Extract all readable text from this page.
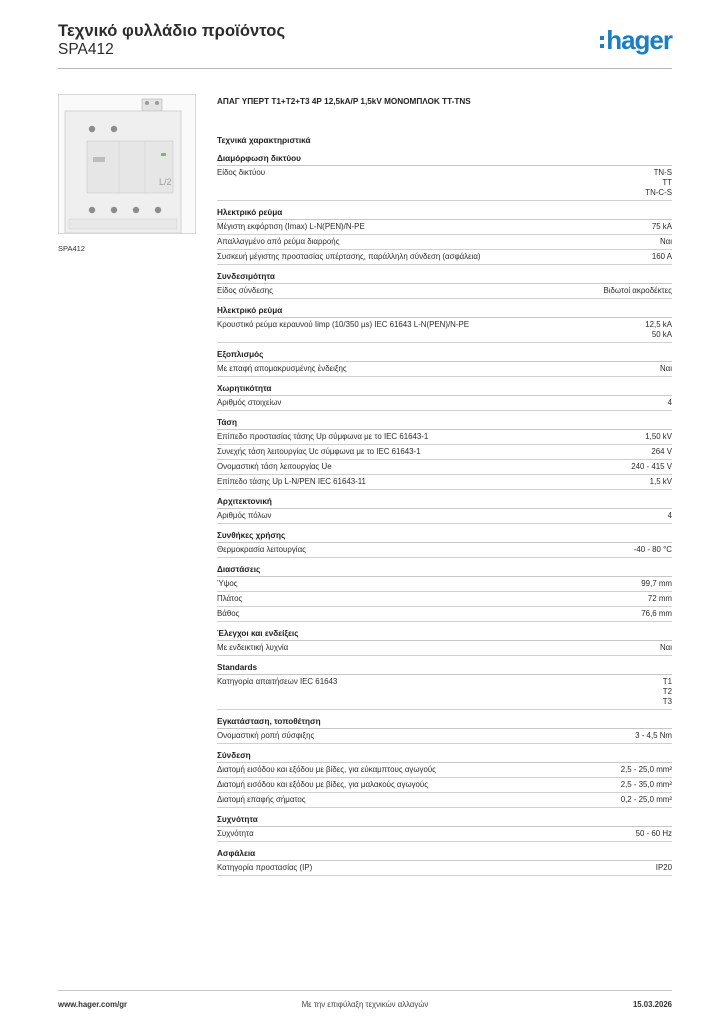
Τεχνικό φυλλάδιο προϊόντος
SPA412	hager
L/2
SPA412
ΑΠΑΓ ΥΠΕΡΤ Τ1+Τ2+Τ3 4Ρ 12,5kA/P 1,5kV ΜΟΝΟΜΠΛΟΚ TT-TNS
Τεχνικά χαρακτηριστικά
Διαμόρφωση δικτύου
Είδος δικτύου	TN-S
TT
TN-C-S
Ηλεκτρικό ρεύμα
Μέγιστη εκφόρτιση (Imax) L-N(PEN)/N-PE	75 kA
Απαλλαγμένο από ρεύμα διαρροής	Ναι
Συσκευή μέγιστης προστασίας υπέρτασης, παράλληλη σύνδεση (ασφάλεια)	160 A
Συνδεσιμότητα
Είδος σύνδεσης	Βιδωτοί ακροδέκτες
Ηλεκτρικό ρεύμα
Κρουστικό ρεύμα κεραυνού Iimp (10/350 µs) IEC 61643 L-N(PEN)/N-PE	12,5 kA
50 kA
Εξοπλισμός
Με επαφή απομακρυσμένης ένδειξης	Ναι
Χωρητικότητα
Αριθμός στοιχείων	4
Τάση
Επίπεδο προστασίας τάσης Up σύμφωνα με το IEC 61643-1	1,50 kV
Συνεχής τάση λειτουργίας Uc σύμφωνα με το IEC 61643-1	264 V
Ονομαστική τάση λειτουργίας Ue	240 - 415 V
Επίπεδο τάσης Up L-N/PEN IEC 61643-11	1,5 kV
Αρχιτεκτονική
Αριθμός πόλων	4
Συνθήκες χρήσης
Θερμοκρασία λειτουργίας	-40 - 80 °C
Διαστάσεις
Ύψος	99,7 mm
Πλάτος	72 mm
Βάθος	76,6 mm
Έλεγχοι και ενδείξεις
Με ενδεικτική λυχνία	Ναι
Standards
Κατηγορία απαιτήσεων IEC 61643	T1
T2
T3
Εγκατάσταση, τοποθέτηση
Ονομαστική ροπή σύσφιξης	3 - 4,5 Nm
Σύνδεση
Διατομή εισόδου και εξόδου με βίδες, για εύκαμπτους αγωγούς	2,5 - 25,0 mm²
Διατομή εισόδου και εξόδου με βίδες, για μαλακούς αγωγούς	2,5 - 35,0 mm²
Διατομή επαφής σήματος	0,2 - 25,0 mm²
Συχνότητα
Συχνότητα	50 - 60 Hz
Ασφάλεια
Κατηγορία προστασίας (IP)	IP20
www.hager.com/gr	Με την επιφύλαξη τεχνικών αλλαγών	15.03.2026
